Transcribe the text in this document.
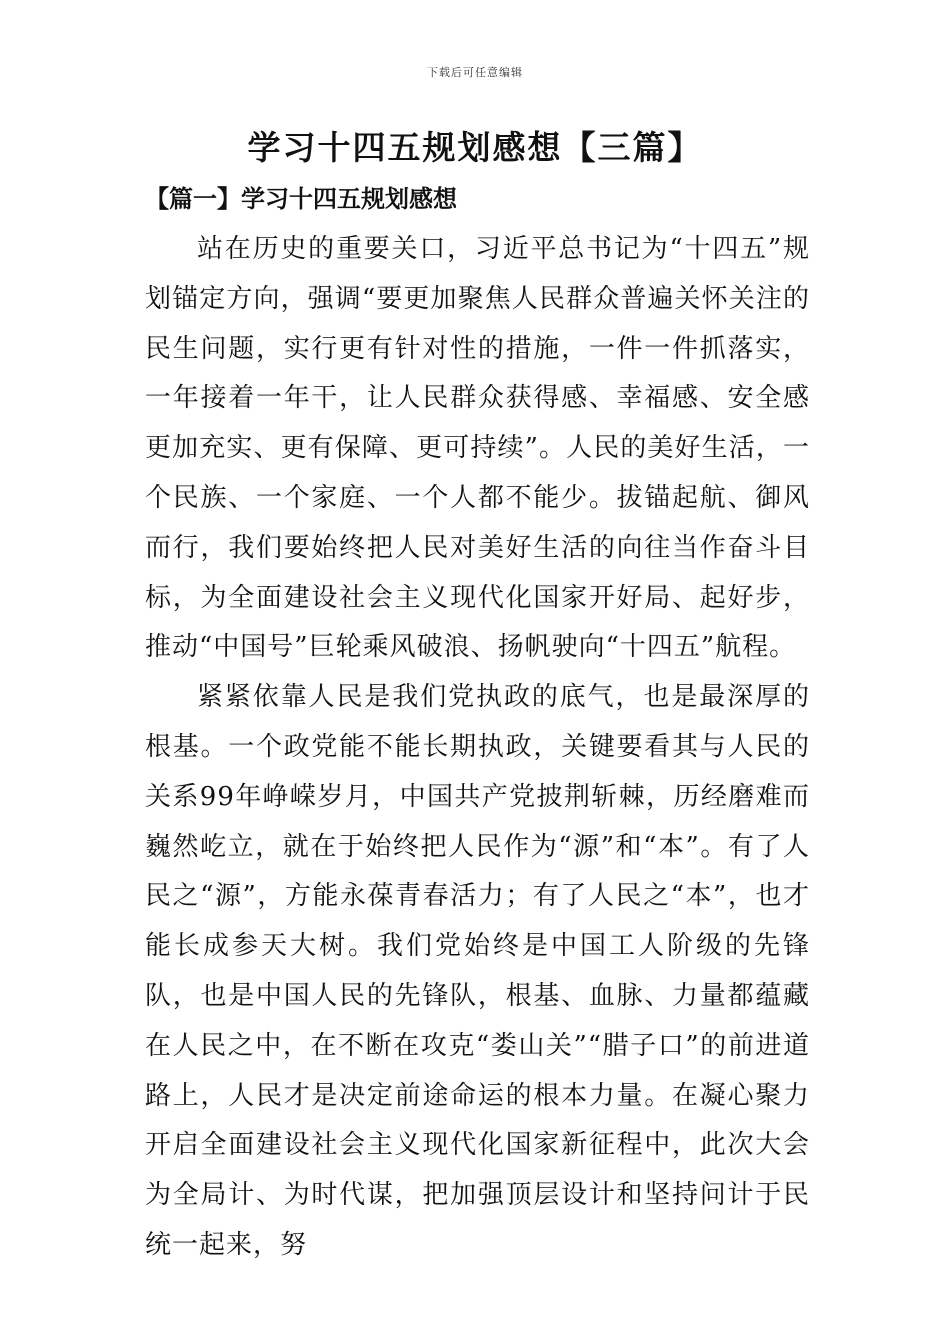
下载后可任意编辑
学习十四五规划感想【三篇】
【篇一】学习十四五规划感想

站在历史的重要关口，习近平总书记为“十四五”规划锚定方向，强调“要更加聚焦人民群众普遍关怀关注的民生问题，实行更有针对性的措施，一件一件抓落实，一年接着一年干，让人民群众获得感、幸福感、安全感更加充实、更有保障、更可持续”。人民的美好生活，一个民族、一个家庭、一个人都不能少。拔锚起航、御风而行，我们要始终把人民对美好生活的向往当作奋斗目标，为全面建设社会主义现代化国家开好局、起好步，推动“中国号”巨轮乘风破浪、扬帆驶向“十四五”航程。

紧紧依靠人民是我们党执政的底气，也是最深厚的根基。一个政党能不能长期执政，关键要看其与人民的关系99年峥嵘岁月，中国共产党披荆斩棘，历经磨难而巍然屹立，就在于始终把人民作为“源”和“本”。有了人民之“源”，方能永葆青春活力；有了人民之“本”，也才能长成参天大树。我们党始终是中国工人阶级的先锋队，也是中国人民的先锋队，根基、血脉、力量都蕴藏在人民之中，在不断在攻克“娄山关”“腊子口”的前进道路上，人民才是决定前途命运的根本力量。在凝心聚力开启全面建设社会主义现代化国家新征程中，此次大会为全局计、为时代谋，把加强顶层设计和坚持问计于民统一起来，努
